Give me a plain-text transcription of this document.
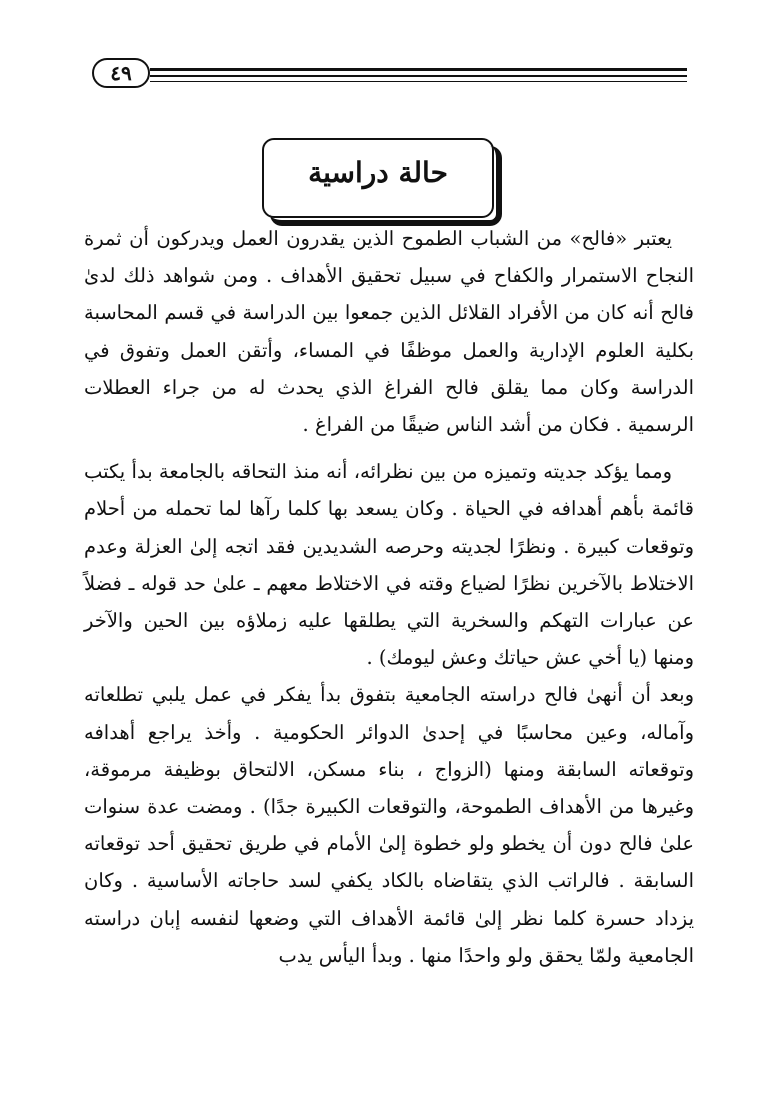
٤٩
حالة دراسية

يعتبر «فالح» من الشباب الطموح الذين يقدرون العمل ويدركون أن ثمرة النجاح الاستمرار والكفاح في سبيل تحقيق الأهداف . ومن شواهد ذلك لدىٰ فالح أنه كان من الأفراد القلائل الذين جمعوا بين الدراسة في قسم المحاسبة بكلية العلوم الإدارية والعمل موظفًا في المساء، وأتقن العمل وتفوق في الدراسة وكان مما يقلق فالح الفراغ الذي يحدث له من جراء العطلات الرسمية . فكان من أشد الناس ضيقًا من الفراغ .

ومما يؤكد جديته وتميزه من بين نظرائه، أنه منذ التحاقه بالجامعة بدأ يكتب قائمة بأهم أهدافه في الحياة . وكان يسعد بها كلما رآها لما تحمله من أحلام وتوقعات كبيرة . ونظرًا لجديته وحرصه الشديدين فقد اتجه إلىٰ العزلة وعدم الاختلاط بالآخرين نظرًا لضياع وقته في الاختلاط معهم ـ علىٰ حد قوله ـ فضلاً عن عبارات التهكم والسخرية التي يطلقها عليه زملاؤه بين الحين والآخر ومنها (يا أخي عش حياتك وعش ليومك) .

وبعد أن أنهىٰ فالح دراسته الجامعية بتفوق بدأ يفكر في عمل يلبي تطلعاته وآماله، وعين محاسبًا في إحدىٰ الدوائر الحكومية . وأخذ يراجع أهدافه وتوقعاته السابقة ومنها (الزواج ، بناء مسكن، الالتحاق بوظيفة مرموقة، وغيرها من الأهداف الطموحة، والتوقعات الكبيرة جدًا) . ومضت عدة سنوات علىٰ فالح دون أن يخطو ولو خطوة إلىٰ الأمام في طريق تحقيق أحد توقعاته السابقة . فالراتب الذي يتقاضاه بالكاد يكفي لسد حاجاته الأساسية . وكان يزداد حسرة كلما نظر إلىٰ قائمة الأهداف التي وضعها لنفسه إبان دراسته الجامعية ولمّا يحقق ولو واحدًا منها . وبدأ اليأس يدب
